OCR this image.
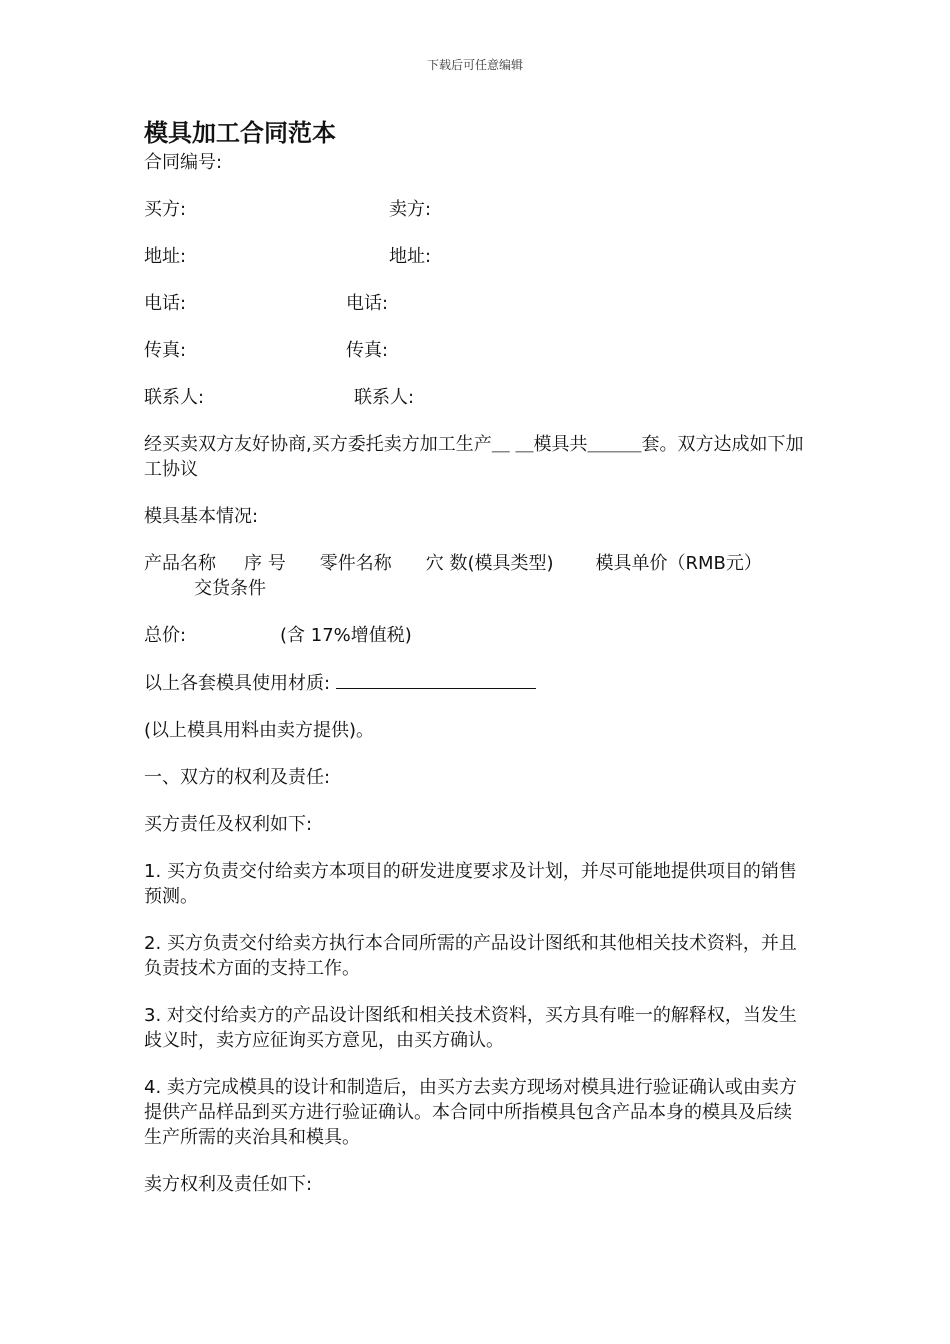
下载后可任意编辑
模具加工合同范本
合同编号:
买方:	卖方:
地址:	地址:
电话:	电话:
传真:	传真:
联系人:	联系人:
经买卖双方友好协商,买方委托卖方加工生产＿ ＿模具共＿＿＿套。双方达成如下加工协议
模具基本情况:
产品名称 序 号 零件名称 穴 数(模具类型) 模具单价（RMB元）交货条件
总价:	(含 17%增值税)
以上各套模具使用材质:
(以上模具用料由卖方提供)。
一、双方的权利及责任:
买方责任及权利如下:
1. 买方负责交付给卖方本项目的研发进度要求及计划，并尽可能地提供项目的销售预测。
2. 买方负责交付给卖方执行本合同所需的产品设计图纸和其他相关技术资料，并且负责技术方面的支持工作。
3. 对交付给卖方的产品设计图纸和相关技术资料，买方具有唯一的解释权，当发生歧义时，卖方应征询买方意见，由买方确认。
4. 卖方完成模具的设计和制造后，由买方去卖方现场对模具进行验证确认或由卖方提供产品样品到买方进行验证确认。本合同中所指模具包含产品本身的模具及后续生产所需的夹治具和模具。
卖方权利及责任如下:
